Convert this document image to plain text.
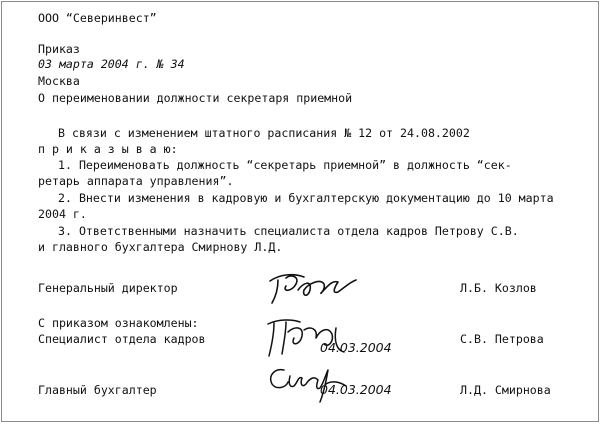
ООО “Северинвест”
Приказ
03 марта 2004 г. № 34
Москва
О переименовании должности секретаря приемной
В связи с изменением штатного расписания № 12 от 24.08.2002
п р и к а з ы в а ю:
1. Переименовать должность “секретарь приемной” в должность “сек-
ретарь аппарата управления”.
2. Внести изменения в кадровую и бухгалтерскую документацию до 10 марта
2004 г.
3. Ответственными назначить специалиста отдела кадров Петрову С.В.
и главного бухгалтера Смирнову Л.Д.
Генеральный директор	Л.Б. Козлов
С приказом ознакомлены:
Специалист отдела кадров	С.В. Петрова
Главный бухгалтер	Л.Д. Смирнова
04.03.2004
04.03.2004
